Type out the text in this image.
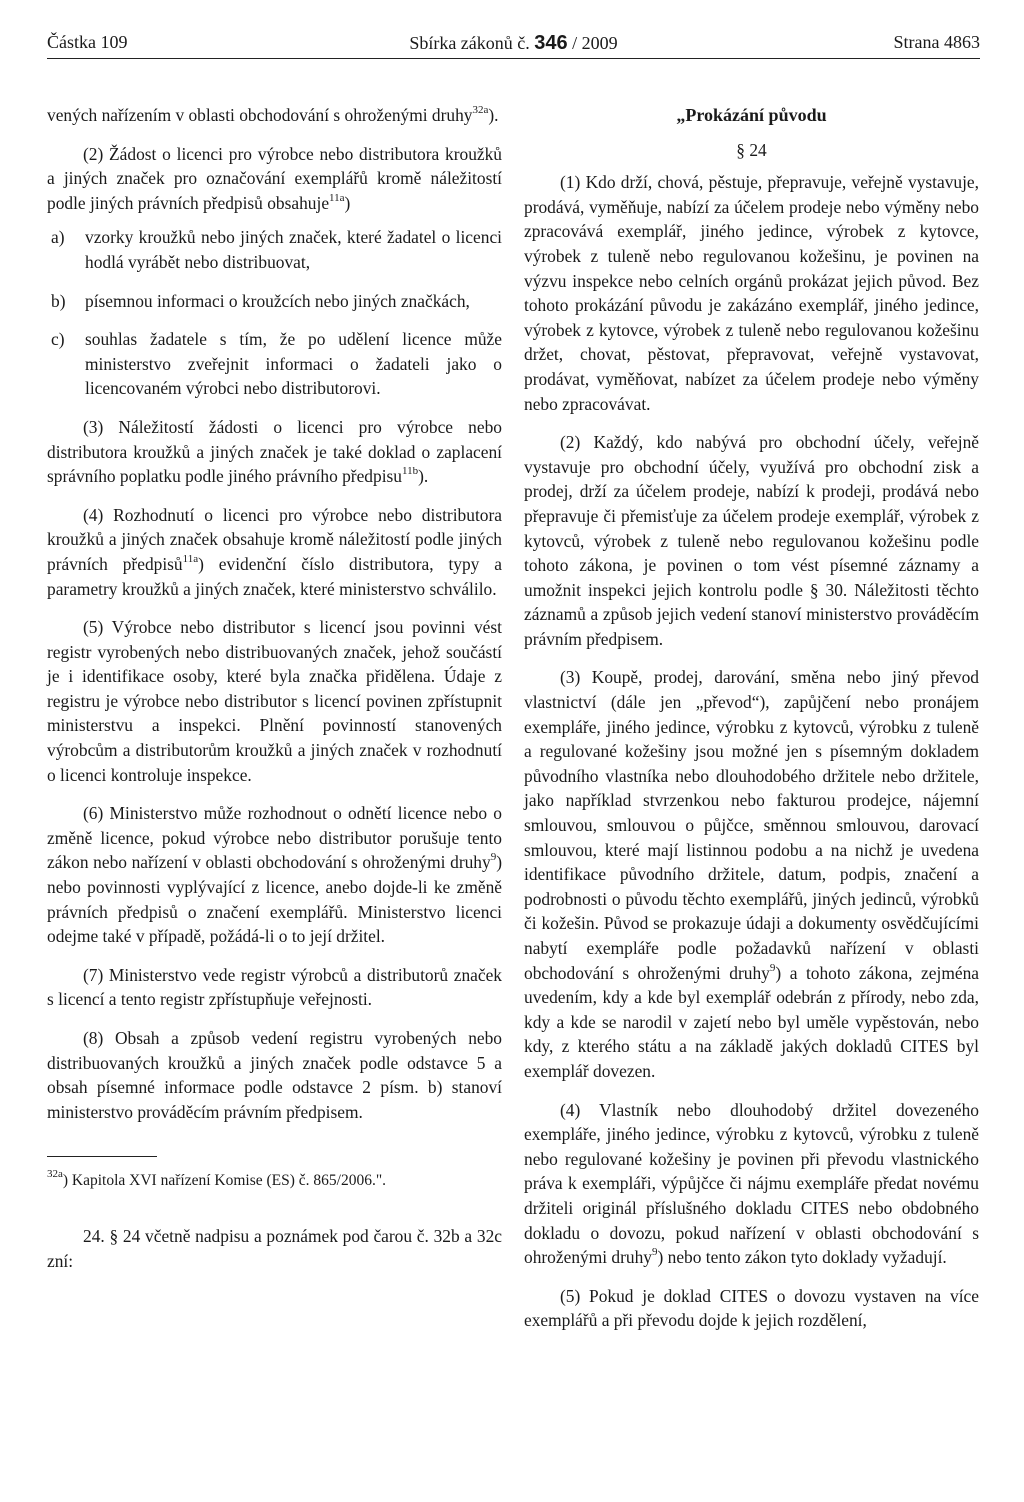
Částka 109	Sbírka zákonů č. 346 / 2009	Strana 4863

vených nařízením v oblasti obchodování s ohroženými druhy$^{32a}$).

(2) Žádost o licenci pro výrobce nebo distributora kroužků a jiných značek pro označování exemplářů kromě náležitostí podle jiných právních předpisů obsahuje$^{11a}$)

a)	vzorky kroužků nebo jiných značek, které žadatel o licenci hodlá vyrábět nebo distribuovat,
b)	písemnou informaci o kroužcích nebo jiných značkách,
c)	souhlas žadatele s tím, že po udělení licence může ministerstvo zveřejnit informaci o žadateli jako o licencovaném výrobci nebo distributorovi.

(3) Náležitostí žádosti o licenci pro výrobce nebo distributora kroužků a jiných značek je také doklad o zaplacení správního poplatku podle jiného právního předpisu$^{11b}$).

(4) Rozhodnutí o licenci pro výrobce nebo distributora kroužků a jiných značek obsahuje kromě náležitostí podle jiných právních předpisů$^{11a}$) evidenční číslo distributora, typy a parametry kroužků a jiných značek, které ministerstvo schválilo.

(5) Výrobce nebo distributor s licencí jsou povinni vést registr vyrobených nebo distribuovaných značek, jehož součástí je i identifikace osoby, které byla značka přidělena. Údaje z registru je výrobce nebo distributor s licencí povinen zpřístupnit ministerstvu a inspekci. Plnění povinností stanovených výrobcům a distributorům kroužků a jiných značek v rozhodnutí o licenci kontroluje inspekce.

(6) Ministerstvo může rozhodnout o odnětí licence nebo o změně licence, pokud výrobce nebo distributor porušuje tento zákon nebo nařízení v oblasti obchodování s ohroženými druhy$^9$) nebo povinnosti vyplývající z licence, anebo dojde-li ke změně právních předpisů o značení exemplářů. Ministerstvo licenci odejme také v případě, požádá-li o to její držitel.

(7) Ministerstvo vede registr výrobců a distributorů značek s licencí a tento registr zpřístupňuje veřejnosti.

(8) Obsah a způsob vedení registru vyrobených nebo distribuovaných kroužků a jiných značek podle odstavce 5 a obsah písemné informace podle odstavce 2 písm. b) stanoví ministerstvo prováděcím právním předpisem.

$^{32a}$) Kapitola XVI nařízení Komise (ES) č. 865/2006.".

24. § 24 včetně nadpisu a poznámek pod čarou č. 32b a 32c zní:

„Prokázání původu

§ 24

(1) Kdo drží, chová, pěstuje, přepravuje, veřejně vystavuje, prodává, vyměňuje, nabízí za účelem prodeje nebo výměny nebo zpracovává exemplář, jiného jedince, výrobek z kytovce, výrobek z tuleně nebo regulovanou kožešinu, je povinen na výzvu inspekce nebo celních orgánů prokázat jejich původ. Bez tohoto prokázání původu je zakázáno exemplář, jiného jedince, výrobek z kytovce, výrobek z tuleně nebo regulovanou kožešinu držet, chovat, pěstovat, přepravovat, veřejně vystavovat, prodávat, vyměňovat, nabízet za účelem prodeje nebo výměny nebo zpracovávat.

(2) Každý, kdo nabývá pro obchodní účely, veřejně vystavuje pro obchodní účely, využívá pro obchodní zisk a prodej, drží za účelem prodeje, nabízí k prodeji, prodává nebo přepravuje či přemisťuje za účelem prodeje exemplář, výrobek z kytovců, výrobek z tuleně nebo regulovanou kožešinu podle tohoto zákona, je povinen o tom vést písemné záznamy a umožnit inspekci jejich kontrolu podle § 30. Náležitosti těchto záznamů a způsob jejich vedení stanoví ministerstvo prováděcím právním předpisem.

(3) Koupě, prodej, darování, směna nebo jiný převod vlastnictví (dále jen „převod“), zapůjčení nebo pronájem exempláře, jiného jedince, výrobku z kytovců, výrobku z tuleně a regulované kožešiny jsou možné jen s písemným dokladem původního vlastníka nebo dlouhodobého držitele nebo držitele, jako například stvrzenkou nebo fakturou prodejce, nájemní smlouvou, smlouvou o půjčce, směnnou smlouvou, darovací smlouvou, které mají listinnou podobu a na nichž je uvedena identifikace původního držitele, datum, podpis, značení a podrobnosti o původu těchto exemplářů, jiných jedinců, výrobků či kožešin. Původ se prokazuje údaji a dokumenty osvědčujícími nabytí exempláře podle požadavků nařízení v oblasti obchodování s ohroženými druhy$^9$) a tohoto zákona, zejména uvedením, kdy a kde byl exemplář odebrán z přírody, nebo zda, kdy a kde se narodil v zajetí nebo byl uměle vypěstován, nebo kdy, z kterého státu a na základě jakých dokladů CITES byl exemplář dovezen.

(4) Vlastník nebo dlouhodobý držitel dovezeného exempláře, jiného jedince, výrobku z kytovců, výrobku z tuleně nebo regulované kožešiny je povinen při převodu vlastnického práva k exempláři, výpůjčce či nájmu exempláře předat novému držiteli originál příslušného dokladu CITES nebo obdobného dokladu o dovozu, pokud nařízení v oblasti obchodování s ohroženými druhy$^9$) nebo tento zákon tyto doklady vyžadují.

(5) Pokud je doklad CITES o dovozu vystaven na více exemplářů a při převodu dojde k jejich rozdělení,
